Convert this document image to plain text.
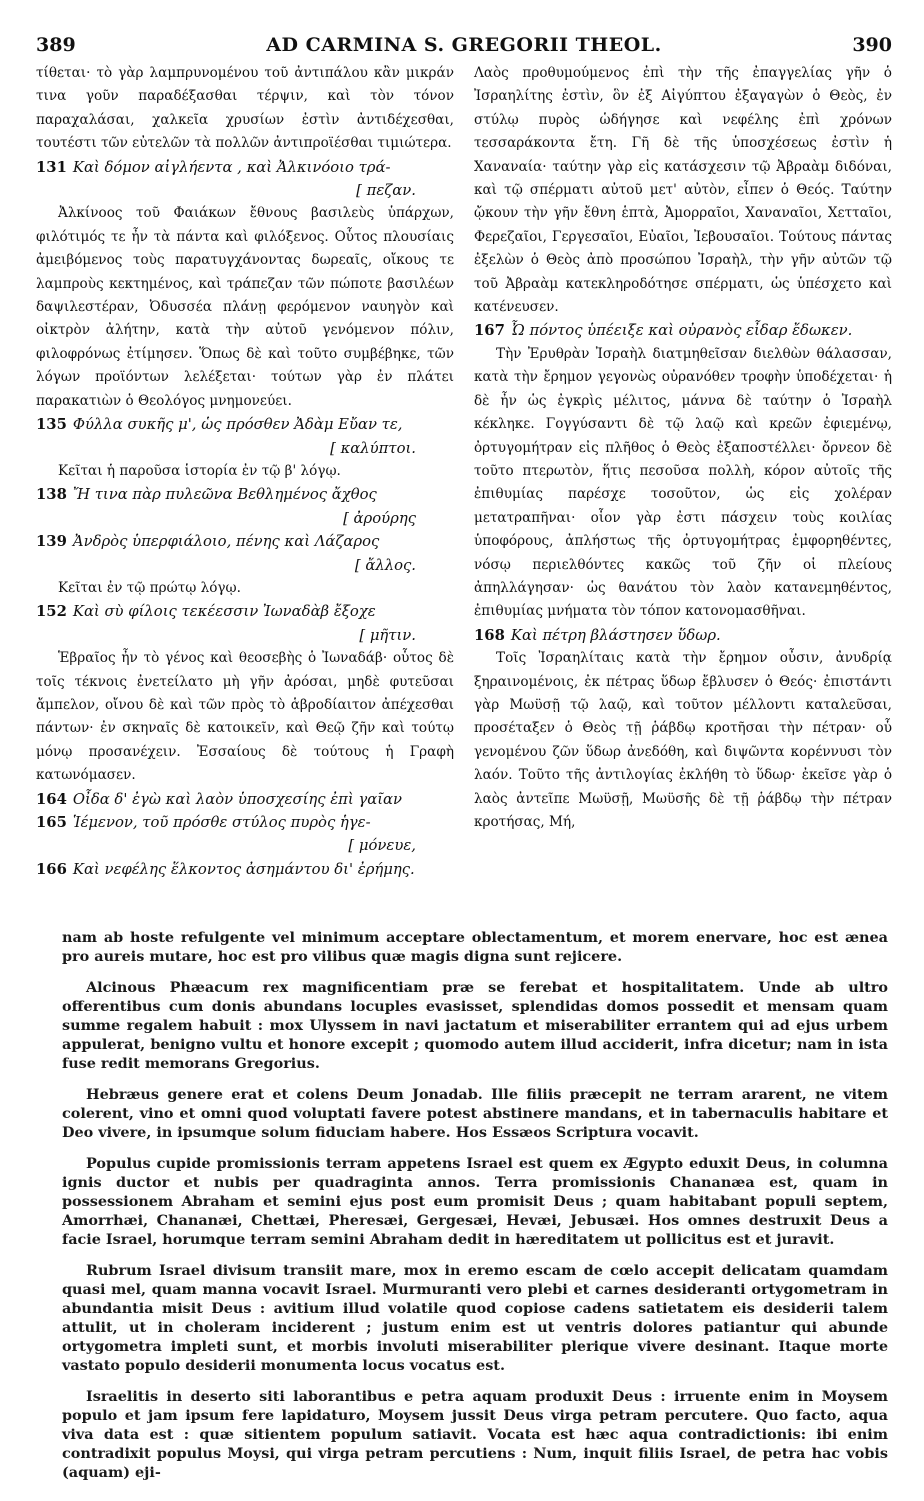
389	AD CARMINA S. GREGORII THEOL.	390

τίθεται· τὸ γὰρ λαμπρυνομένου τοῦ ἀντιπάλου κἂν μικράν τινα γοῦν παραδέξασθαι τέρψιν, καὶ τὸν τόνον παραχαλάσαι, χαλκεῖα χρυσίων ἐστὶν ἀντιδέχεσθαι, τουτέστι τῶν εὐτελῶν τὰ πολλῶν ἀντιπροϊέσθαι τιμιώτερα.

131 Καὶ δόμον αἰγλήεντα , καὶ Ἀλκινόοιο τρά-
[ πεζαν.

Ἀλκίνοος τοῦ Φαιάκων ἔθνους βασιλεὺς ὑπάρχων, φιλότιμός τε ἦν τὰ πάντα καὶ φιλόξενος. Οὗτος πλουσίαις ἀμειβόμενος τοὺς παρατυγχάνοντας δωρεαῖς, οἴκους τε λαμπροὺς κεκτημένος, καὶ τράπεζαν τῶν πώποτε βασιλέων δαψιλεστέραν, Ὀδυσσέα πλάνῃ φερόμενον ναυηγὸν καὶ οἰκτρὸν ἀλήτην, κατὰ τὴν αὐτοῦ γενόμενον πόλιν, φιλοφρόνως ἐτίμησεν. Ὅπως δὲ καὶ τοῦτο συμβέβηκε, τῶν λόγων προϊόντων λελέξεται· τούτων γὰρ ἐν πλάτει παρακατιὼν ὁ Θεολόγος μνημονεύει.

135 Φύλλα συκῆς μ', ὡς πρόσθεν Ἀδὰμ Εὔαν τε,
[ καλύπτοι.

Κεῖται ἡ παροῦσα ἱστορία ἐν τῷ β' λόγῳ.

138 Ἤ τινα πὰρ πυλεῶνα Βεθλημένος ἄχθος
[ ἀρούρης
139 Ἀνδρὸς ὑπερφιάλοιο, πένης καὶ Λάζαρος
[ ἄλλος.

Κεῖται ἐν τῷ πρώτῳ λόγῳ.

152 Καὶ σὺ φίλοις τεκέεσσιν Ἰωναδὰβ ἔξοχε
[ μῆτιν.

Ἑβραῖος ἦν τὸ γένος καὶ θεοσεβὴς ὁ Ἰωναδάβ· οὗτος δὲ τοῖς τέκνοις ἐνετείλατο μὴ γῆν ἀρόσαι, μηδὲ φυτεῦσαι ἄμπελον, οἴνου δὲ καὶ τῶν πρὸς τὸ ἁβροδίαιτον ἀπέχεσθαι πάντων· ἐν σκηναῖς δὲ κατοικεῖν, καὶ Θεῷ ζῆν καὶ τούτῳ μόνῳ προσανέχειν. Ἐσσαίους δὲ τούτους ἡ Γραφὴ κατωνόμασεν.

164 Οἶδα δ' ἐγὼ καὶ λαὸν ὑποσχεσίης ἐπὶ γαῖαν
165 Ἱέμενον, τοῦ πρόσθε στύλος πυρὸς ἡγε-
[ μόνευε,
166 Καὶ νεφέλης ἕλκοντος ἀσημάντου δι' ἐρήμης.

Λαὸς προθυμούμενος ἐπὶ τὴν τῆς ἐπαγγελίας γῆν ὁ Ἰσραηλίτης ἐστὶν, ὃν ἐξ Αἰγύπτου ἐξαγαγὼν ὁ Θεὸς, ἐν στύλῳ πυρὸς ὡδήγησε καὶ νεφέλης ἐπὶ χρόνων τεσσαράκοντα ἔτη. Γῆ δὲ τῆς ὑποσχέσεως ἐστὶν ἡ Χαναναία· ταύτην γὰρ εἰς κατάσχεσιν τῷ Ἀβραὰμ διδόναι, καὶ τῷ σπέρματι αὐτοῦ μετ' αὐτὸν, εἶπεν ὁ Θεός. Ταύτην ᾤκουν τὴν γῆν ἔθνη ἑπτὰ, Ἀμορραῖοι, Χαναναῖοι, Χετταῖοι, Φερεζαῖοι, Γεργεσαῖοι, Εὐαῖοι, Ἰεβουσαῖοι. Τούτους πάντας ἐξελὼν ὁ Θεὸς ἀπὸ προσώπου Ἰσραὴλ, τὴν γῆν αὐτῶν τῷ τοῦ Ἀβραὰμ κατεκληροδότησε σπέρματι, ὡς ὑπέσχετο καὶ κατένευσεν.

167 Ὦ πόντος ὑπέειξε καὶ οὐρανὸς εἶδαρ ἔδωκεν.

Τὴν Ἐρυθρὰν Ἰσραὴλ διατμηθεῖσαν διελθὼν θάλασσαν, κατὰ τὴν ἔρημον γεγονὼς οὐρανόθεν τροφὴν ὑποδέχεται· ἡ δὲ ἦν ὡς ἐγκρὶς μέλιτος, μάννα δὲ ταύτην ὁ Ἰσραὴλ κέκληκε. Γογγύσαντι δὲ τῷ λαῷ καὶ κρεῶν ἐφιεμένῳ, ὀρτυγομήτραν εἰς πλῆθος ὁ Θεὸς ἐξαποστέλλει· ὄρνεον δὲ τοῦτο πτερωτὸν, ἥτις πεσοῦσα πολλὴ, κόρον αὐτοῖς τῆς ἐπιθυμίας παρέσχε τοσοῦτον, ὡς εἰς χολέραν μετατραπῆναι· οἷον γὰρ ἐστι πάσχειν τοὺς κοιλίας ὑποφόρους, ἀπλήστως τῆς ὀρτυγομήτρας ἐμφορηθέντες, νόσῳ περιελθόντες κακῶς τοῦ ζῆν οἱ πλείους ἀπηλλάγησαν· ὡς θανάτου τὸν λαὸν κατανεμηθέντος, ἐπιθυμίας μνήματα τὸν τόπον κατονομασθῆναι.

168 Καὶ πέτρη βλάστησεν ὕδωρ.

Τοῖς Ἰσραηλίταις κατὰ τὴν ἔρημον οὖσιν, ἀνυδρίᾳ ξηραινομένοις, ἐκ πέτρας ὕδωρ ἔβλυσεν ὁ Θεός· ἐπιστάντι γὰρ Μωϋσῇ τῷ λαῷ, καὶ τοῦτον μέλλοντι καταλεῦσαι, προσέταξεν ὁ Θεὸς τῇ ῥάβδῳ κροτῆσαι τὴν πέτραν· οὗ γενομένου ζῶν ὕδωρ ἀνεδόθη, καὶ διψῶντα κορέννυσι τὸν λαόν. Τοῦτο τῆς ἀντιλογίας ἐκλήθη τὸ ὕδωρ· ἐκεῖσε γὰρ ὁ λαὸς ἀντεῖπε Μωϋσῇ, Μωϋσῆς δὲ τῇ ῥάβδῳ τὴν πέτραν κροτήσας, Μή,

nam ab hoste refulgente vel minimum acceptare oblectamentum, et morem enervare, hoc est æneа pro aureis mutare, hoc est pro vilibus quæ magis digna sunt rejicere.

Alcinous Phæacum rex magnificentiam præ se ferebat et hospitalitatem. Unde ab ultro offerentibus cum donis abundans locuples evasisset, splendidas domos possedit et mensam quam summe regalem habuit : mox Ulyssem in navi jactatum et miserabiliter errantem qui ad ejus urbem appulerat, benigno vultu et honore excepit ; quomodo autem illud acciderit, infra dicetur; nam in ista fuse redit memorans Gregorius.

Hebræus genere erat et colens Deum Jonadab. Ille filiis præcepit ne terram ararent, ne vitem colerent, vino et omni quod voluptati favere potest abstinere mandans, et in tabernaculis habitare et Deo vivere, in ipsumque solum fiduciam habere. Hos Essæos Scriptura vocavit.

Populus cupide promissionis terram appetens Israel est quem ex Ægypto eduxit Deus, in columna ignis ductor et nubis per quadraginta annos. Terra promissionis Chananæa est, quam in possessionem Abraham et semini ejus post eum promisit Deus ; quam habitabant populi septem, Amorrhæi, Chananæi, Chettæi, Pheresæi, Gergesæi, Hevæi, Jebusæi. Hos omnes destruxit Deus a facie Israel, horumque terram semini Abraham dedit in hæreditatem ut pollicitus est et juravit.

Rubrum Israel divisum transiit mare, mox in eremo escam de cœlo accepit delicatam quamdam quasi mel, quam manna vocavit Israel. Murmuranti vero plebi et carnes desideranti ortygometram in abundantia misit Deus : avitium illud volatile quod copiose cadens satietatem eis desiderii talem attulit, ut in choleram inciderent ; justum enim est ut ventris dolores patiantur qui abunde ortygometra impleti sunt, et morbis involuti miserabiliter plerique vivere desinant. Itaque morte vastato populo desiderii monumenta locus vocatus est.

Israelitis in deserto siti laborantibus e petra aquam produxit Deus : irruente enim in Moysem populo et jam ipsum fere lapidaturo, Moysem jussit Deus virga petram percutere. Quo facto, aqua viva data est : quæ sitientem populum satiavit. Vocata est hæc aqua contradictionis: ibi enim contradixit populus Moysi, qui virga petram percutiens : Num, inquit filiis Israel, de petra hac vobis (aquam) eji-
